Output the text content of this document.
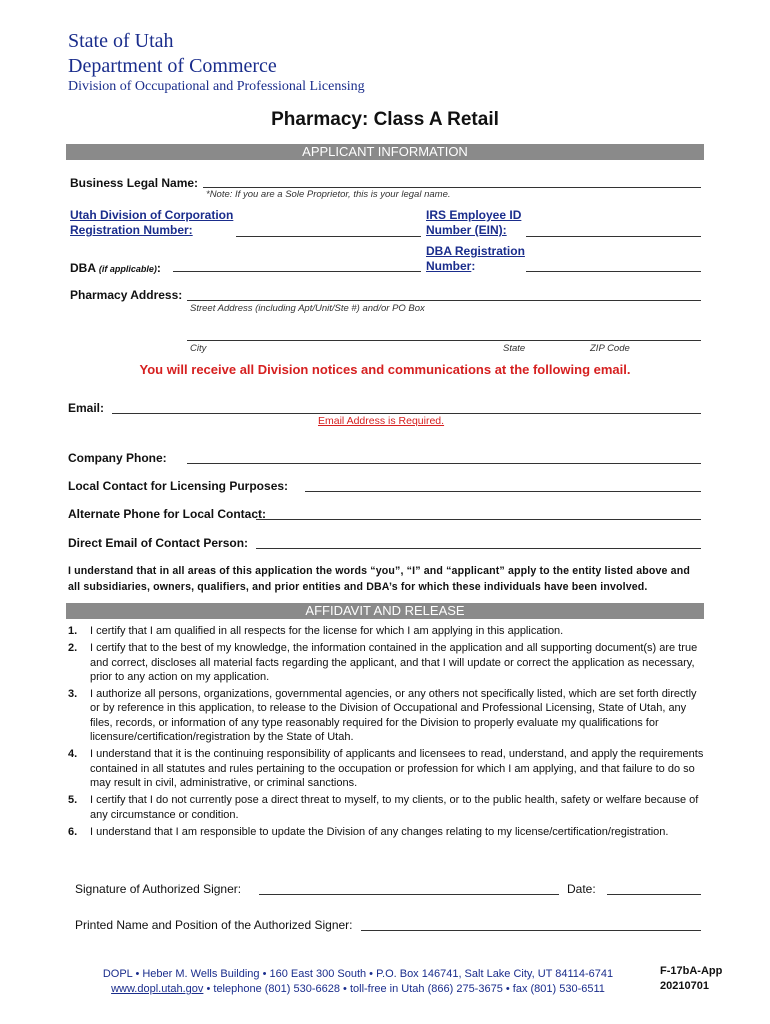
State of Utah
Department of Commerce
Division of Occupational and Professional Licensing
Pharmacy: Class A Retail
APPLICANT INFORMATION
Business Legal Name:
*Note: If you are a Sole Proprietor, this is your legal name.
Utah Division of Corporation
Registration Number:
IRS Employee ID
Number (EIN):
DBA (if applicable):
DBA Registration
Number:
Pharmacy Address:
Street Address (including Apt/Unit/Ste #) and/or PO Box
City	State	ZIP Code
You will receive all Division notices and communications at the following email.
Email:
Email Address is Required.
Company Phone:
Local Contact for Licensing Purposes:
Alternate Phone for Local Contact:
Direct Email of Contact Person:
I understand that in all areas of this application the words “you”, “I” and “applicant” apply to the entity listed above and all subsidiaries, owners, qualifiers, and prior entities and DBA’s for which these individuals have been involved.
AFFIDAVIT AND RELEASE
1.	I certify that I am qualified in all respects for the license for which I am applying in this application.
2.	I certify that to the best of my knowledge, the information contained in the application and all supporting document(s) are true and correct, discloses all material facts regarding the applicant, and that I will update or correct the application as necessary, prior to any action on my application.
3.	I authorize all persons, organizations, governmental agencies, or any others not specifically listed, which are set forth directly or by reference in this application, to release to the Division of Occupational and Professional Licensing, State of Utah, any files, records, or information of any type reasonably required for the Division to properly evaluate my qualifications for licensure/certification/registration by the State of Utah.
4.	I understand that it is the continuing responsibility of applicants and licensees to read, understand, and apply the requirements contained in all statutes and rules pertaining to the occupation or profession for which I am applying, and that failure to do so may result in civil, administrative, or criminal sanctions.
5.	I certify that I do not currently pose a direct threat to myself, to my clients, or to the public health, safety or welfare because of any circumstance or condition.
6.	I understand that I am responsible to update the Division of any changes relating to my license/certification/registration.
Signature of Authorized Signer:	Date:
Printed Name and Position of the Authorized Signer:
DOPL • Heber M. Wells Building • 160 East 300 South • P.O. Box 146741, Salt Lake City, UT 84114-6741
www.dopl.utah.gov • telephone (801) 530-6628 • toll-free in Utah (866) 275-3675 • fax (801) 530-6511
F-17bA-App
20210701
